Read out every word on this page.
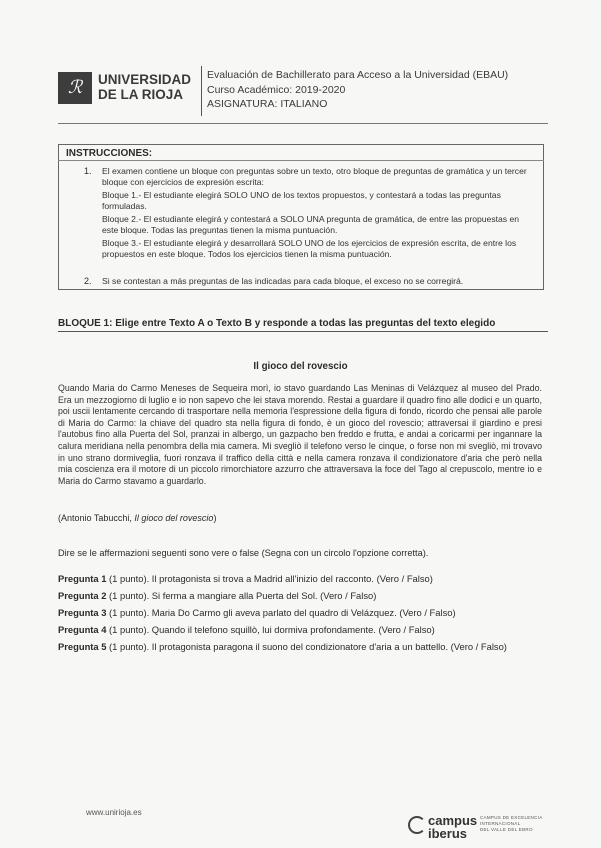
ℛ	UNIVERSIDAD
DE LA RIOJA
Evaluación de Bachillerato para Acceso a la Universidad (EBAU)
Curso Académico: 2019-2020
ASIGNATURA: ITALIANO
INSTRUCCIONES:
1. El examen contiene un bloque con preguntas sobre un texto, otro bloque de preguntas de gramática y un tercer bloque con ejercicios de expresión escrita:
Bloque 1.- El estudiante elegirá SOLO UNO de los textos propuestos, y contestará a todas las preguntas formuladas.
Bloque 2.- El estudiante elegirá y contestará a SOLO UNA pregunta de gramática, de entre las propuestas en este bloque. Todas las preguntas tienen la misma puntuación.
Bloque 3.- El estudiante elegirá y desarrollará SOLO UNO de los ejercicios de expresión escrita, de entre los propuestos en este bloque. Todos los ejercicios tienen la misma puntuación.
2. Si se contestan a más preguntas de las indicadas para cada bloque, el exceso no se corregirá.
BLOQUE 1: Elige entre Texto A o Texto B y responde a todas las preguntas del texto elegido
Il gioco del rovescio
Quando Maria do Carmo Meneses de Sequeira morì, io stavo guardando Las Meninas di Velázquez al museo del Prado. Era un mezzogiorno di luglio e io non sapevo che lei stava morendo. Restai a guardare il quadro fino alle dodici e un quarto, poi uscii lentamente cercando di trasportare nella memoria l'espressione della figura di fondo, ricordo che pensai alle parole di Maria do Carmo: la chiave del quadro sta nella figura di fondo, è un gioco del rovescio; attraversai il giardino e presi l'autobus fino alla Puerta del Sol, pranzai in albergo, un gazpacho ben freddo e frutta, e andai a coricarmi per ingannare la calura meridiana nella penombra della mia camera. Mi svegliò il telefono verso le cinque, o forse non mi svegliò, mi trovavo in uno strano dormiveglia, fuori ronzava il traffico della città e nella camera ronzava il condizionatore d'aria che però nella mia coscienza era il motore di un piccolo rimorchiatore azzurro che attraversava la foce del Tago al crepuscolo, mentre io e Maria do Carmo stavamo a guardarlo.
(Antonio Tabucchi, Il gioco del rovescio)
Dire se le affermazioni seguenti sono vere o false (Segna con un circolo l'opzione corretta).
Pregunta 1 (1 punto). Il protagonista si trova a Madrid all'inizio del racconto. (Vero / Falso)
Pregunta 2 (1 punto). Si ferma a mangiare alla Puerta del Sol. (Vero / Falso)
Pregunta 3 (1 punto). Maria Do Carmo gli aveva parlato del quadro di Velázquez. (Vero / Falso)
Pregunta 4 (1 punto). Quando il telefono squillò, lui dormiva profondamente. (Vero / Falso)
Pregunta 5 (1 punto). Il protagonista paragona il suono del condizionatore d'aria a un battello. (Vero / Falso)
www.unirioja.es
campus
iberus
CAMPUS DE EXCELENCIA
INTERNACIONAL
DEL VALLE DEL EBRO
